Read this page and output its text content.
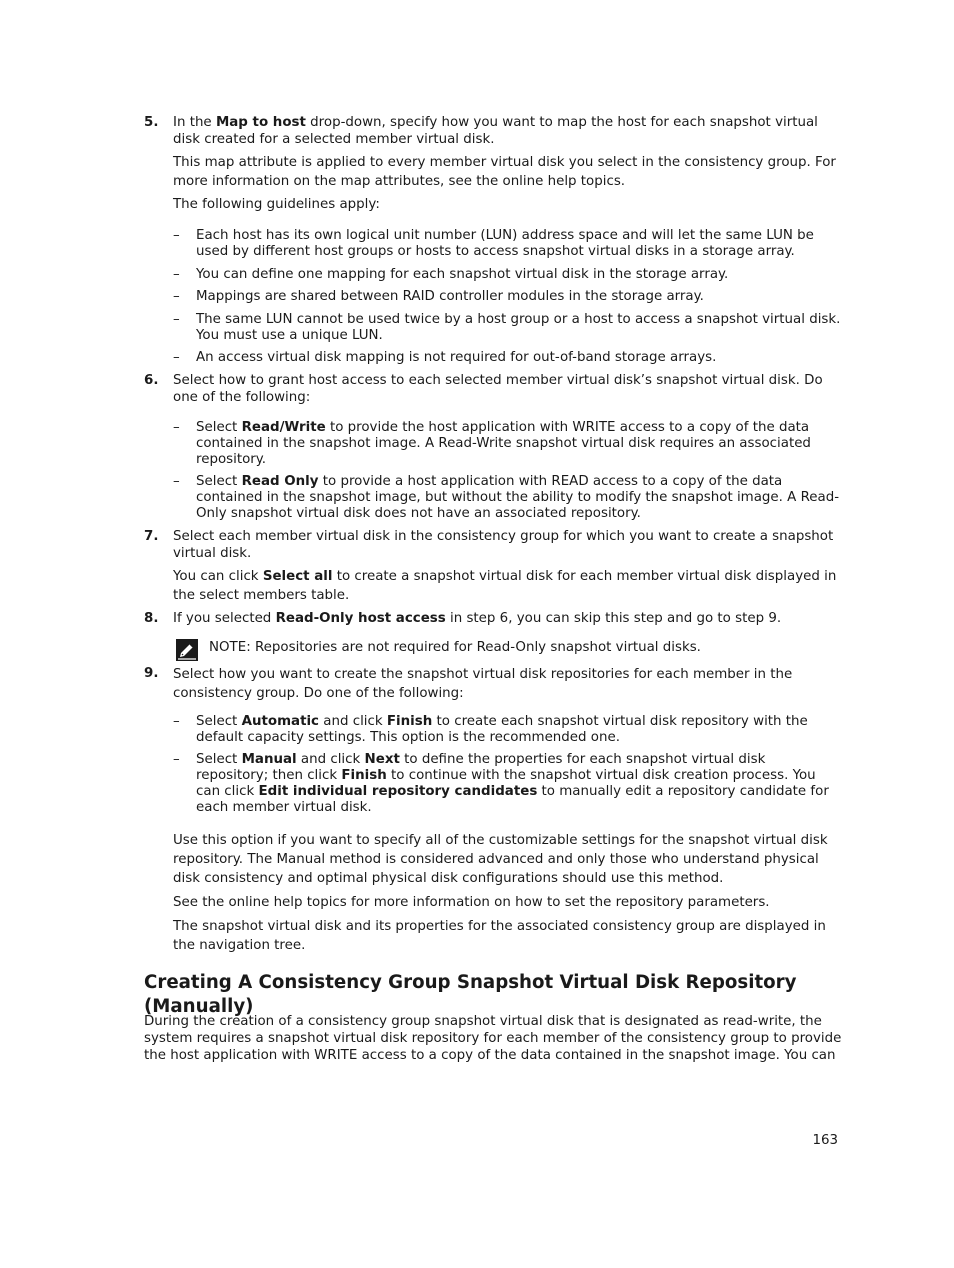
5. In the Map to host drop-down, specify how you want to map the host for each snapshot virtual disk created for a selected member virtual disk.

This map attribute is applied to every member virtual disk you select in the consistency group. For more information on the map attributes, see the online help topics.

The following guidelines apply:

– Each host has its own logical unit number (LUN) address space and will let the same LUN be used by different host groups or hosts to access snapshot virtual disks in a storage array.
– You can define one mapping for each snapshot virtual disk in the storage array.
– Mappings are shared between RAID controller modules in the storage array.
– The same LUN cannot be used twice by a host group or a host to access a snapshot virtual disk. You must use a unique LUN.
– An access virtual disk mapping is not required for out-of-band storage arrays.
6. Select how to grant host access to each selected member virtual disk’s snapshot virtual disk. Do one of the following:

– Select Read/Write to provide the host application with WRITE access to a copy of the data contained in the snapshot image. A Read-Write snapshot virtual disk requires an associated repository.
– Select Read Only to provide a host application with READ access to a copy of the data contained in the snapshot image, but without the ability to modify the snapshot image. A Read-Only snapshot virtual disk does not have an associated repository.
7. Select each member virtual disk in the consistency group for which you want to create a snapshot virtual disk.

You can click Select all to create a snapshot virtual disk for each member virtual disk displayed in the select members table.

8. If you selected Read-Only host access in step 6, you can skip this step and go to step 9.

NOTE: Repositories are not required for Read-Only snapshot virtual disks.
9. Select how you want to create the snapshot virtual disk repositories for each member in the consistency group. Do one of the following:

– Select Automatic and click Finish to create each snapshot virtual disk repository with the default capacity settings. This option is the recommended one.
– Select Manual and click Next to define the properties for each snapshot virtual disk repository; then click Finish to continue with the snapshot virtual disk creation process. You can click Edit individual repository candidates to manually edit a repository candidate for each member virtual disk.

Use this option if you want to specify all of the customizable settings for the snapshot virtual disk repository. The Manual method is considered advanced and only those who understand physical disk consistency and optimal physical disk configurations should use this method.

See the online help topics for more information on how to set the repository parameters.

The snapshot virtual disk and its properties for the associated consistency group are displayed in the navigation tree.

Creating A Consistency Group Snapshot Virtual Disk Repository (Manually)

During the creation of a consistency group snapshot virtual disk that is designated as read-write, the system requires a snapshot virtual disk repository for each member of the consistency group to provide the host application with WRITE access to a copy of the data contained in the snapshot image. You can

163
